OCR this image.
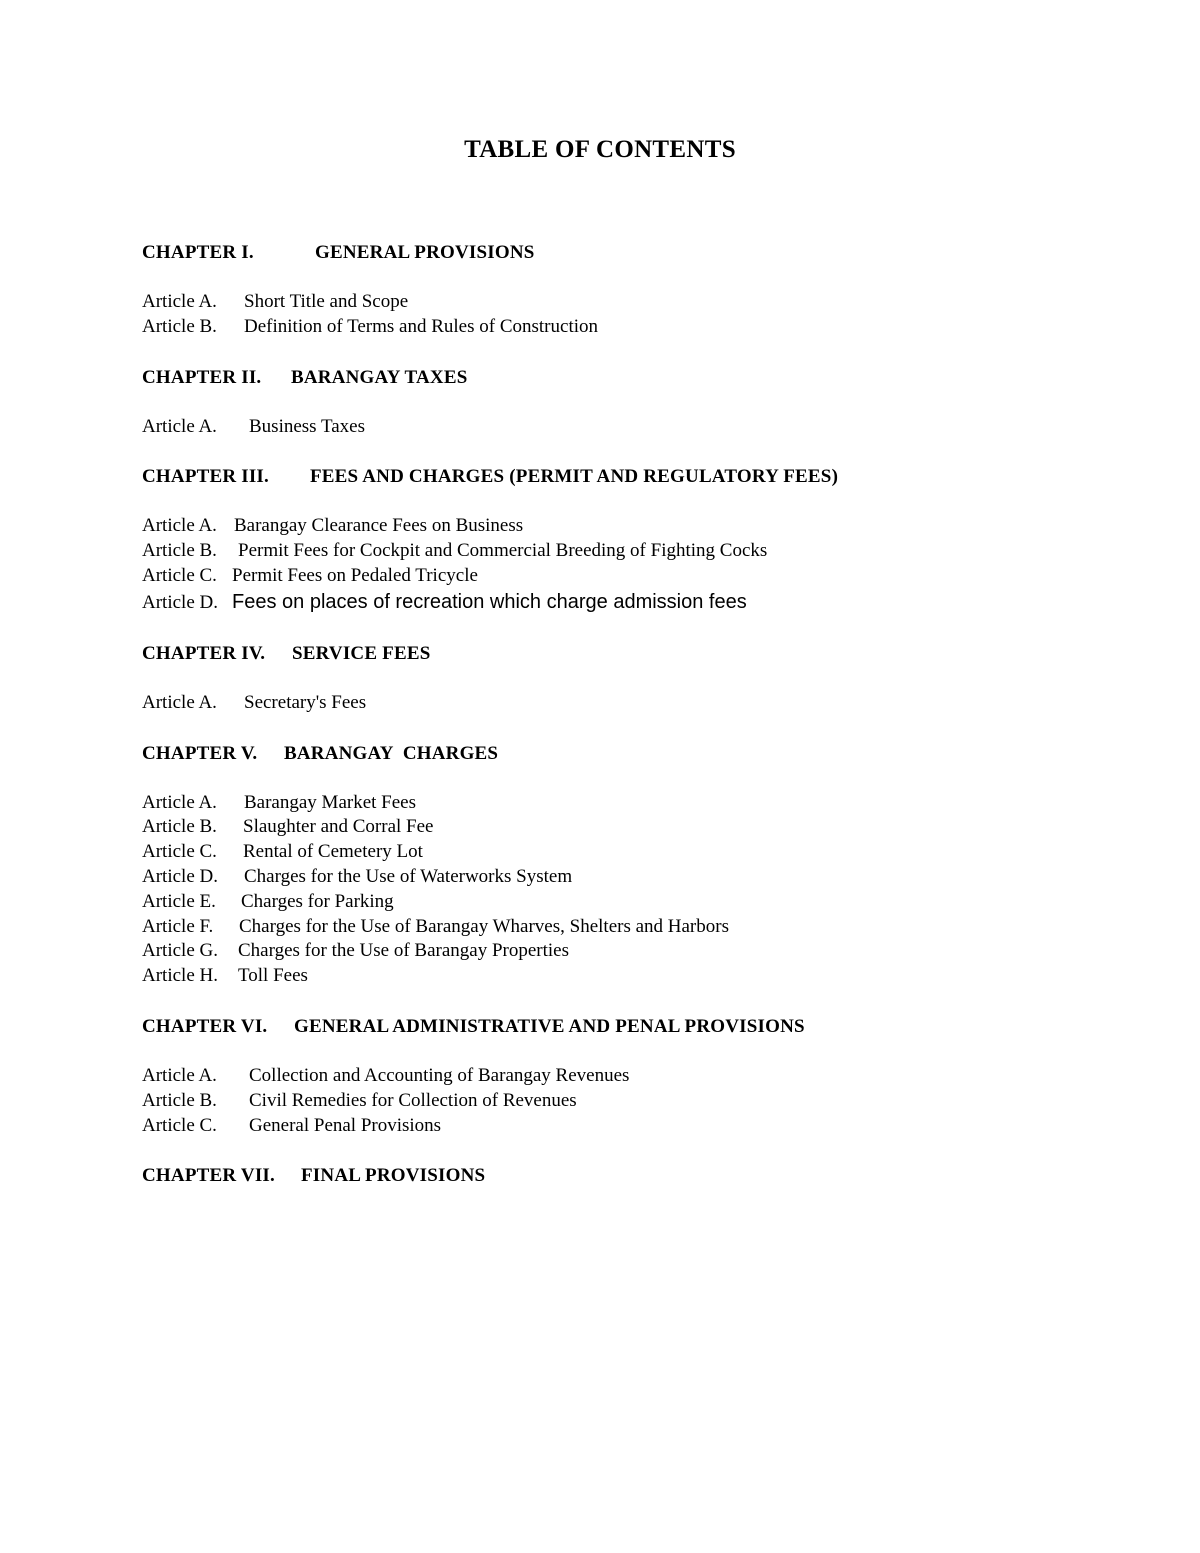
TABLE OF CONTENTS
CHAPTER I.	GENERAL PROVISIONS
Article A.	Short Title and Scope
Article B.	Definition of Terms and Rules of Construction
CHAPTER II.	BARANGAY TAXES
Article A.	Business Taxes
CHAPTER III.	FEES AND CHARGES (PERMIT AND REGULATORY FEES)
Article A. Barangay Clearance Fees on Business
Article B.	Permit Fees for Cockpit and Commercial Breeding of Fighting Cocks
Article C. Permit Fees on Pedaled Tricycle
Article D. Fees on places of recreation which charge admission fees
CHAPTER IV.	SERVICE FEES
Article A.	Secretary's Fees
CHAPTER V.	BARANGAY  CHARGES
Article A.	Barangay Market Fees
Article B.	Slaughter and Corral Fee
Article C.	Rental of Cemetery Lot
Article D.	Charges for the Use of Waterworks System
Article E.	Charges for Parking
Article F.	Charges for the Use of Barangay Wharves, Shelters and Harbors
Article G.	Charges for the Use of Barangay Properties
Article H.	Toll Fees
CHAPTER VI.	GENERAL ADMINISTRATIVE AND PENAL PROVISIONS
Article A.	Collection and Accounting of Barangay Revenues
Article B.	Civil Remedies for Collection of Revenues
Article C.	General Penal Provisions
CHAPTER VII.	FINAL PROVISIONS
